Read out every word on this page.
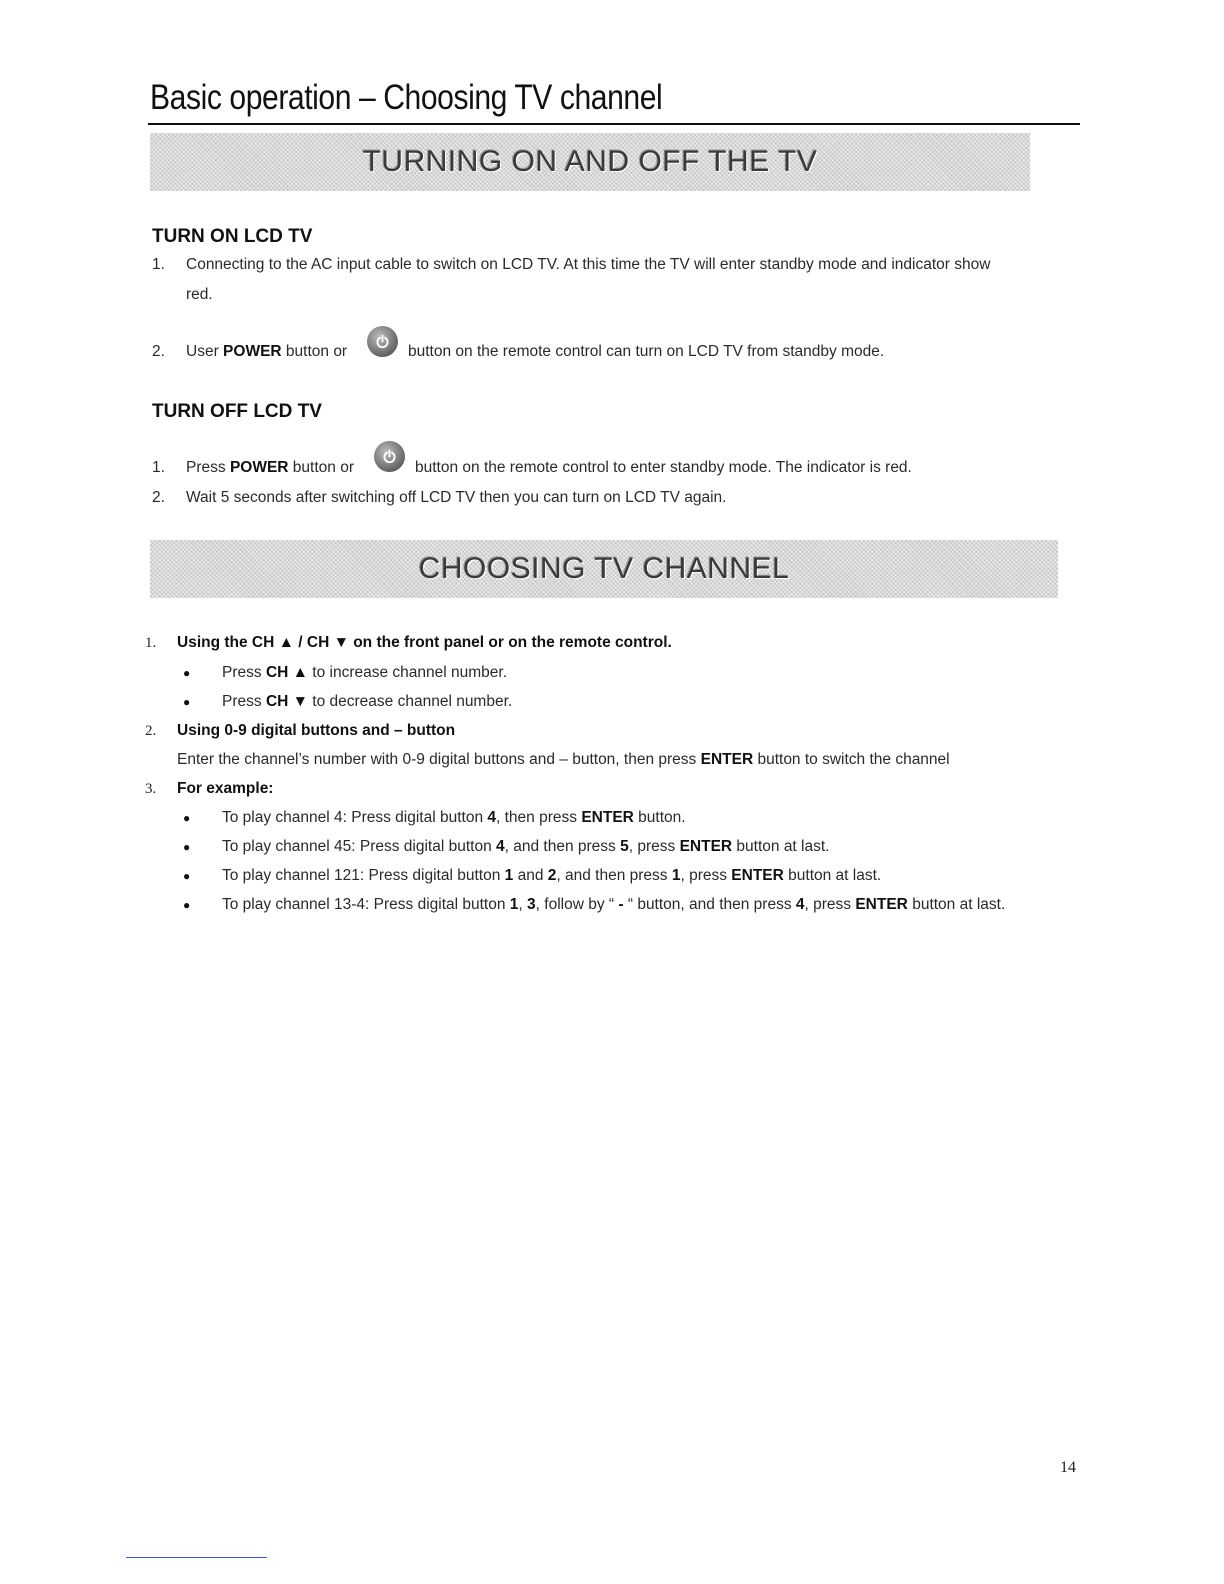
Basic operation – Choosing TV channel
TURNING ON AND OFF THE TV
TURN ON LCD TV
1. Connecting to the AC input cable to switch on LCD TV. At this time the TV will enter standby mode and indicator show
red.
2. User POWER button or	button on the remote control can turn on LCD TV from standby mode.
TURN OFF LCD TV
1. Press POWER button or	button on the remote control to enter standby mode. The indicator is red.
2. Wait 5 seconds after switching off LCD TV then you can turn on LCD TV again.
CHOOSING TV CHANNEL
1. Using the CH ▲ / CH ▼ on the front panel or on the remote control.
● Press CH ▲ to increase channel number.
● Press CH ▼ to decrease channel number.
2. Using 0-9 digital buttons and – button
Enter the channel’s number with 0-9 digital buttons and – button, then press ENTER button to switch the channel
3. For example:
● To play channel 4: Press digital button 4, then press ENTER button.
● To play channel 45: Press digital button 4, and then press 5, press ENTER button at last.
● To play channel 121: Press digital button 1 and 2, and then press 1, press ENTER button at last.
● To play channel 13-4: Press digital button 1, 3, follow by “ - “ button, and then press 4, press ENTER button at last.
14
